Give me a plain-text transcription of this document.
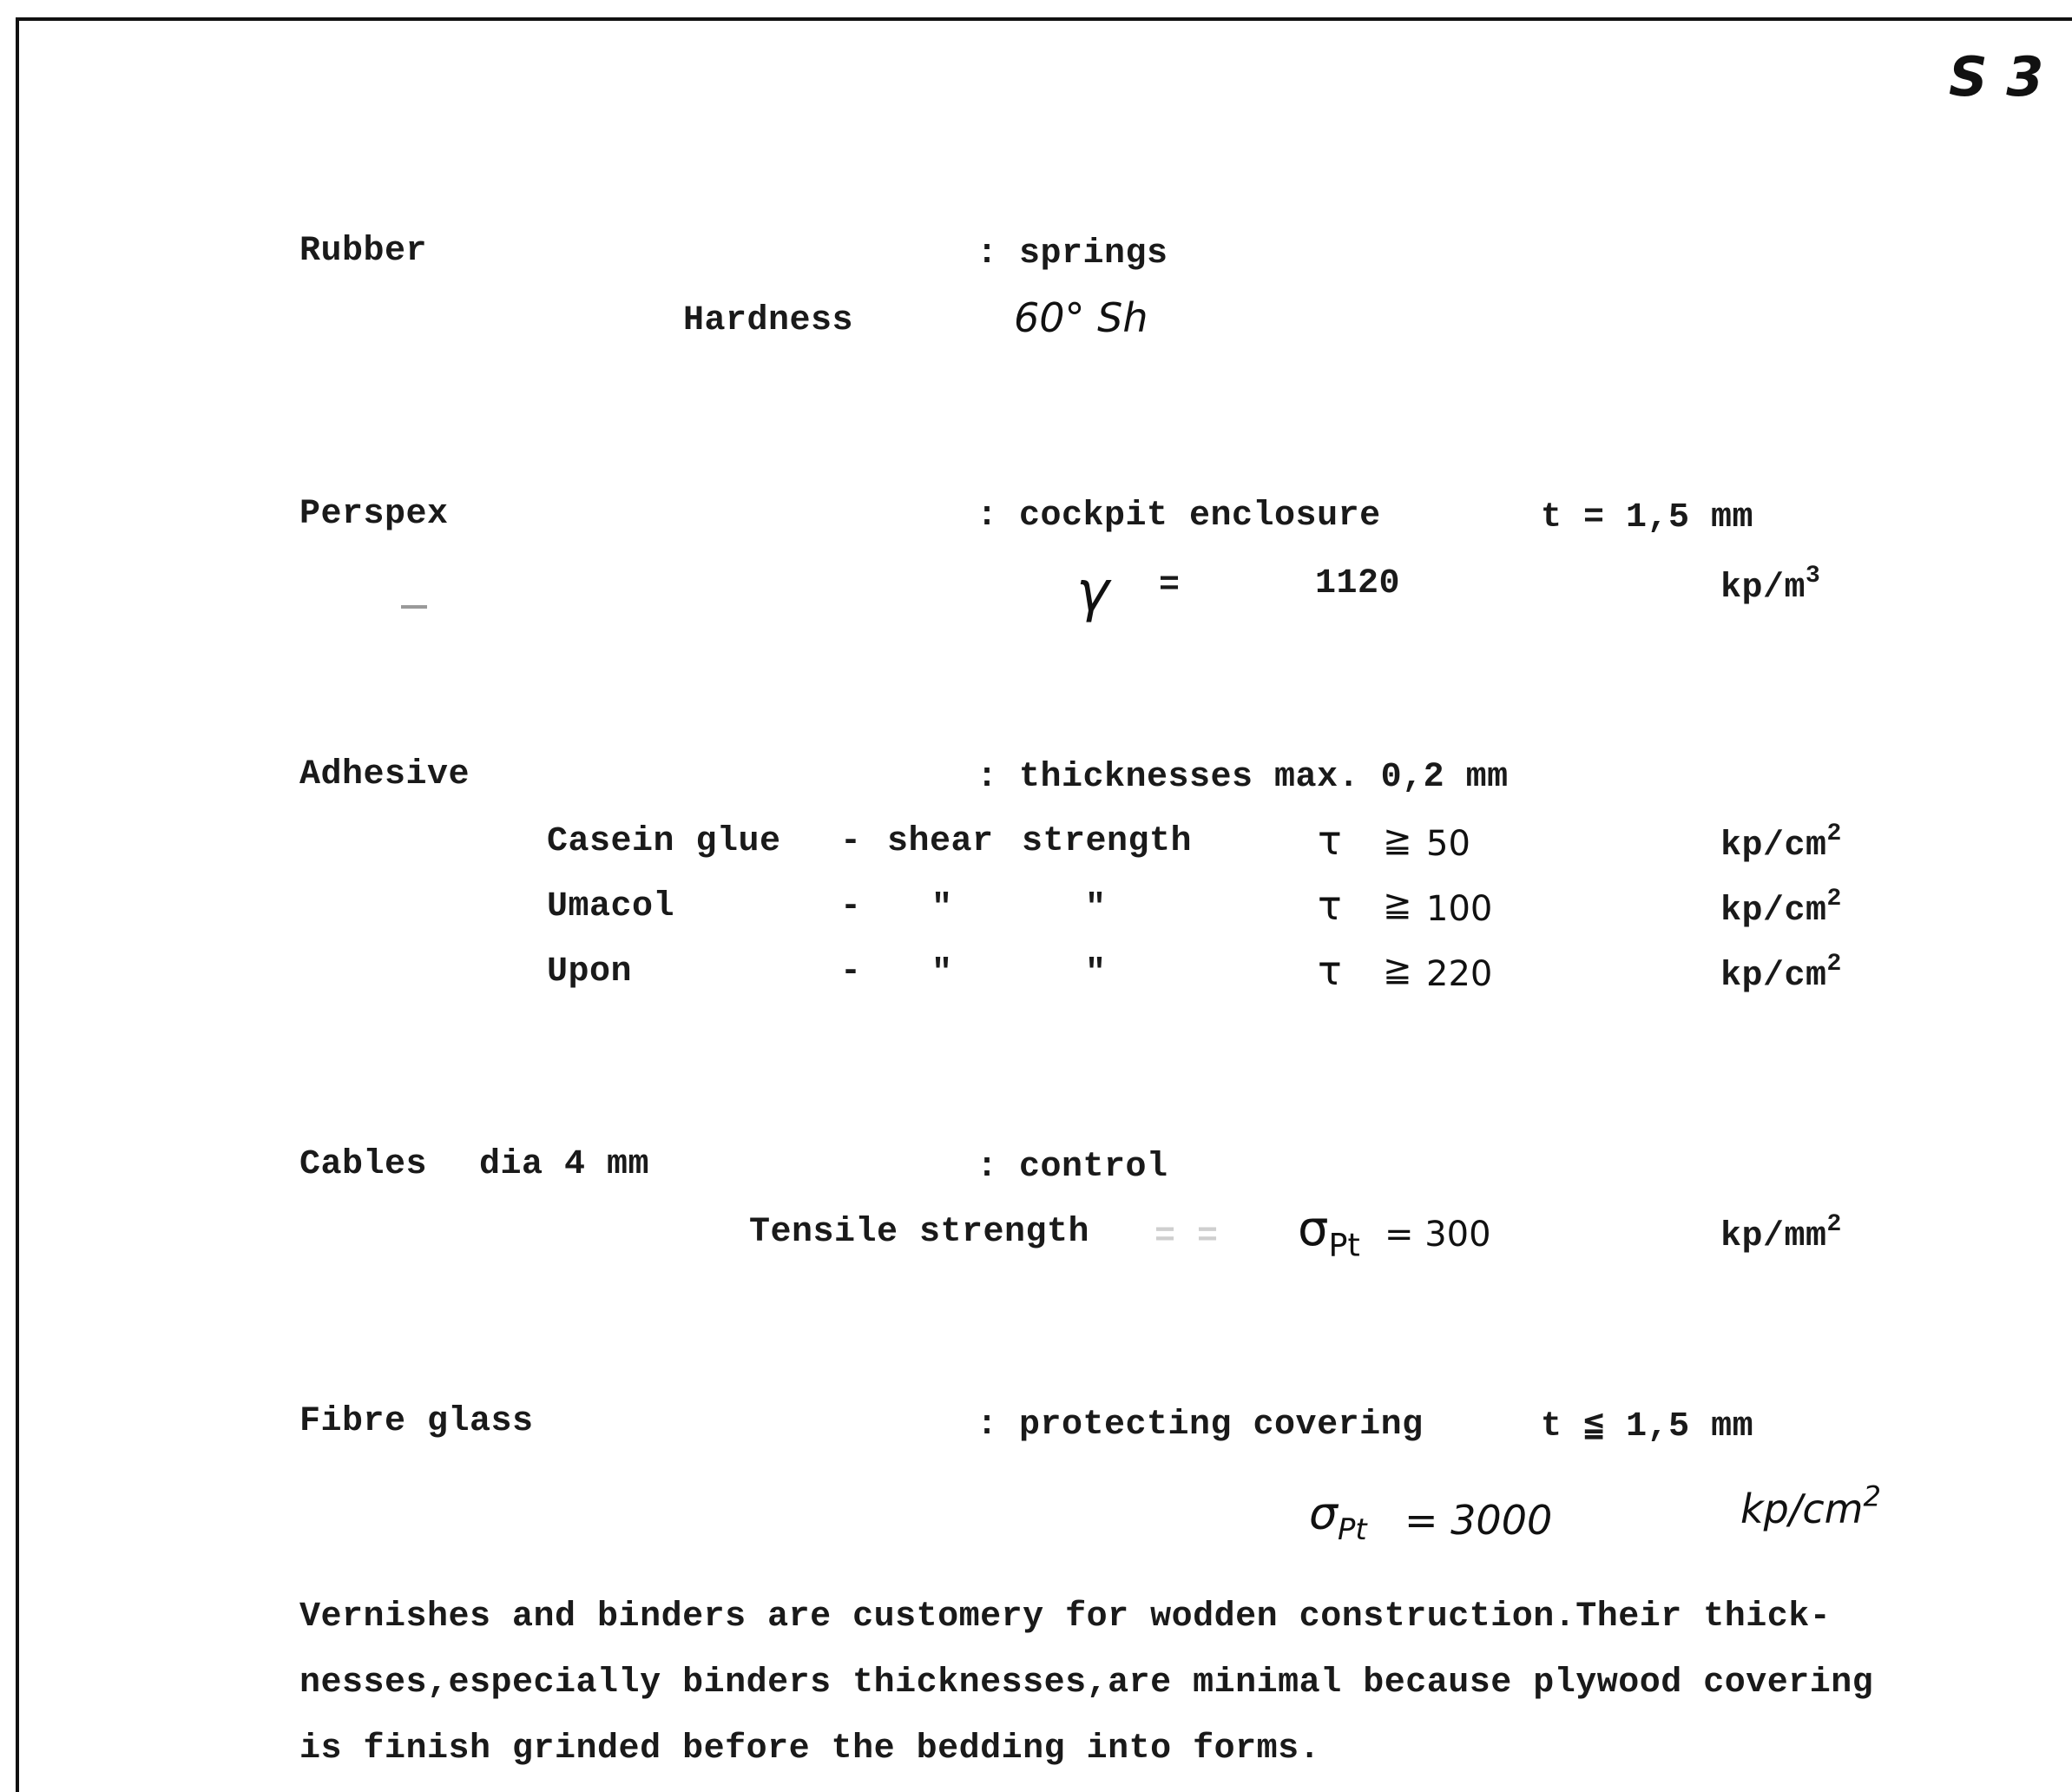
S 3
Rubber	: springs
Hardness	60° Sh
Perspex	: cockpit enclosure	t = 1,5 mm
γ =	1120	$kp/m^3$
Adhesive	: thicknesses max. 0,2 mm
Casein glue - shear strength	τ ≧ 50	$kp/cm^2$
Umacol	- "	"	τ ≧ 100	$kp/cm^2$
Upon	- "	"	τ ≧ 220	$kp/cm^2$
Cables dia 4 mm	: control
Tensile strength = = $\sigma_{Pt} = 300$	$kp/mm^2$
Fibre glass	: protecting covering	t ≦ 1,5 mm
$\sigma_{Pt} = 3000$	$kp/cm^2$
Vernishes and binders are customery for wodden construction.Their thick-
nesses,especially binders thicknesses,are minimal because plywood covering
is finish grinded before the bedding into forms.
